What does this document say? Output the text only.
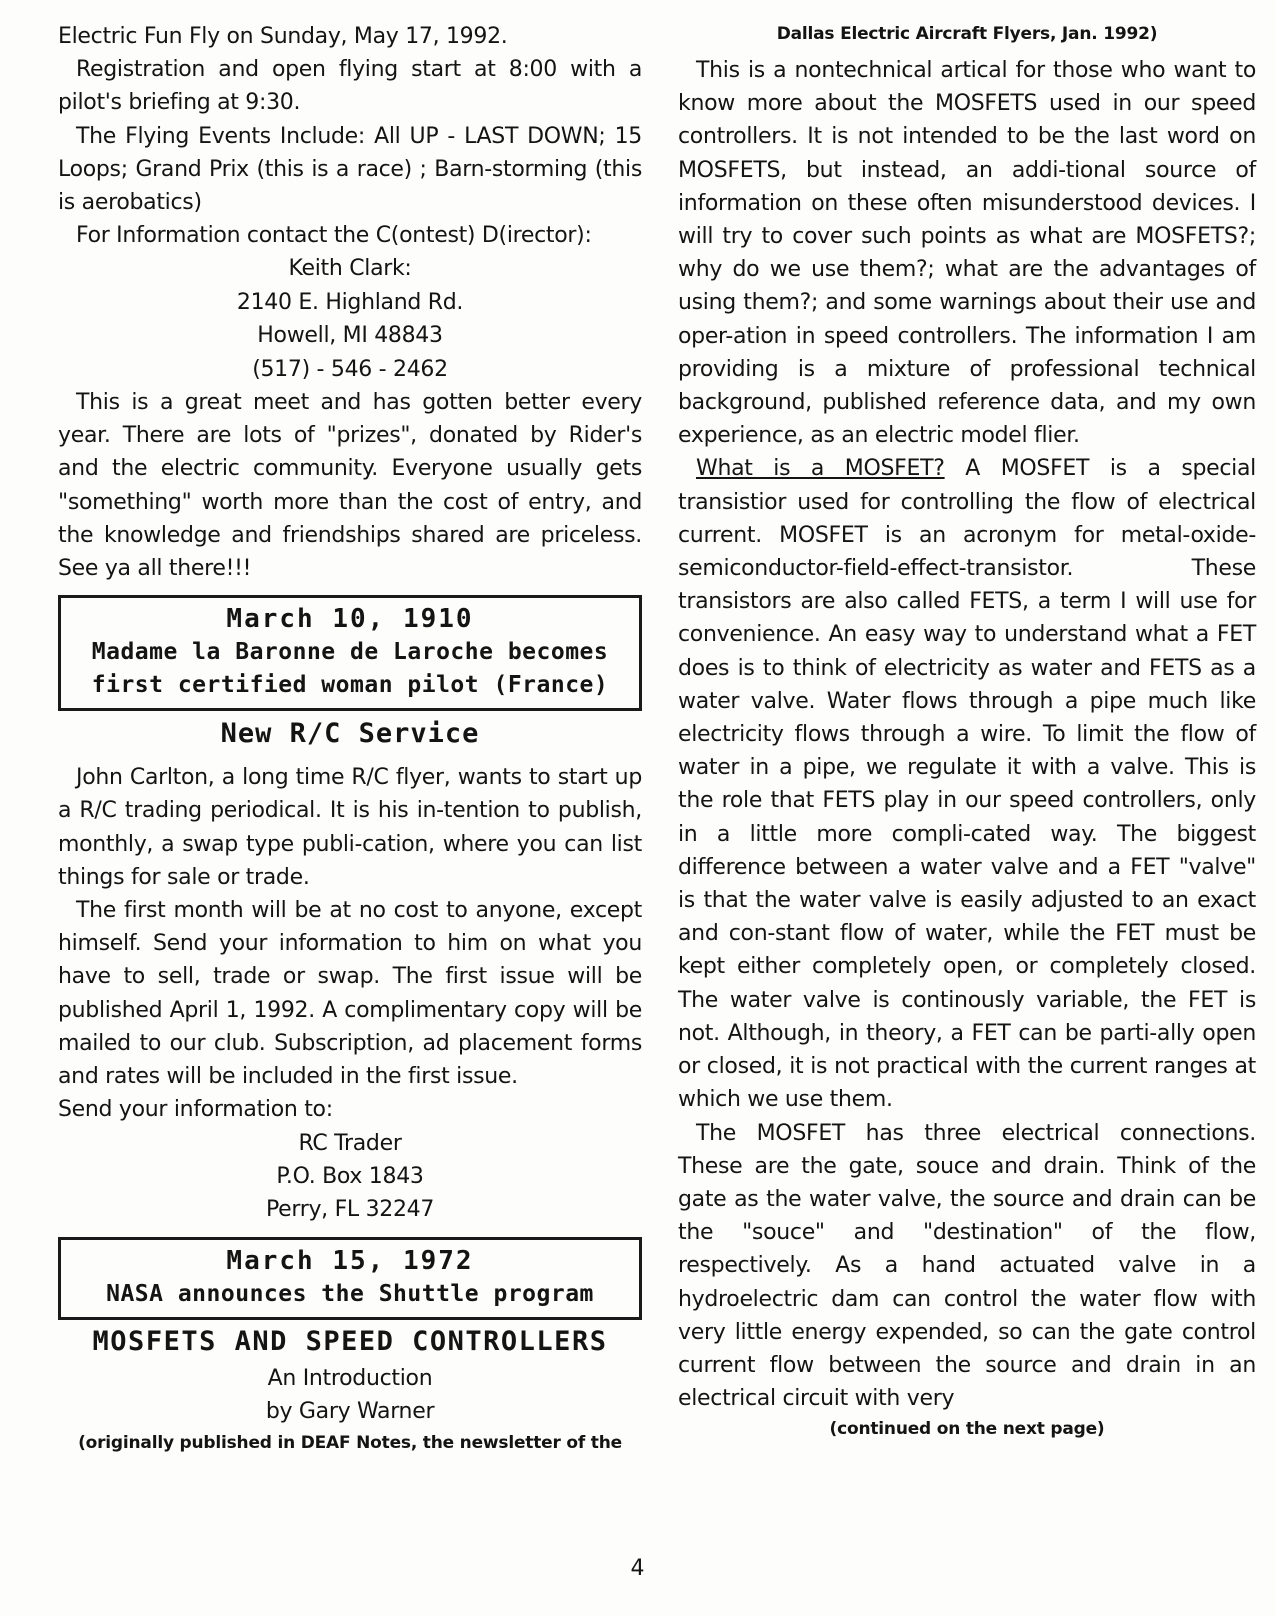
Electric Fun Fly on Sunday, May 17, 1992.

Registration and open flying start at 8:00 with a pilot's briefing at 9:30.

The Flying Events Include: All UP - LAST DOWN; 15 Loops; Grand Prix (this is a race) ; Barn-storming (this is aerobatics)

For Information contact the C(ontest) D(irector):

Keith Clark:

2140 E. Highland Rd.

Howell, MI 48843

(517) - 546 - 2462

This is a great meet and has gotten better every year. There are lots of "prizes", donated by Rider's and the electric community. Everyone usually gets "something" worth more than the cost of entry, and the knowledge and friendships shared are priceless. See ya all there!!!

March 10, 1910
Madame la Baronne de Laroche becomes
first certified woman pilot (France)
New R/C Service

John Carlton, a long time R/C flyer, wants to start up a R/C trading periodical. It is his in-tention to publish, monthly, a swap type publi-cation, where you can list things for sale or trade.

The first month will be at no cost to anyone, except himself. Send your information to him on what you have to sell, trade or swap. The first issue will be published April 1, 1992. A complimentary copy will be mailed to our club. Subscription, ad placement forms and rates will be included in the first issue.

Send your information to:

RC Trader

P.O. Box 1843

Perry, FL 32247

March 15, 1972
NASA announces the Shuttle program
MOSFETS AND SPEED CONTROLLERS

An Introduction

by Gary Warner

(originally published in DEAF Notes, the newsletter of the

Dallas Electric Aircraft Flyers, Jan. 1992)

This is a nontechnical artical for those who want to know more about the MOSFETS used in our speed controllers. It is not intended to be the last word on MOSFETS, but instead, an addi-tional source of information on these often misunderstood devices. I will try to cover such points as what are MOSFETS?; why do we use them?; what are the advantages of using them?; and some warnings about their use and oper-ation in speed controllers. The information I am providing is a mixture of professional technical background, published reference data, and my own experience, as an electric model flier.

What is a MOSFET? A MOSFET is a special transistior used for controlling the flow of electrical current. MOSFET is an acronym for metal-oxide-semiconductor-field-effect-transistor. These transistors are also called FETS, a term I will use for convenience. An easy way to understand what a FET does is to think of electricity as water and FETS as a water valve. Water flows through a pipe much like electricity flows through a wire. To limit the flow of water in a pipe, we regulate it with a valve. This is the role that FETS play in our speed controllers, only in a little more compli-cated way. The biggest difference between a water valve and a FET "valve" is that the water valve is easily adjusted to an exact and con-stant flow of water, while the FET must be kept either completely open, or completely closed. The water valve is continously variable, the FET is not. Although, in theory, a FET can be parti-ally open or closed, it is not practical with the current ranges at which we use them.

The MOSFET has three electrical connections. These are the gate, souce and drain. Think of the gate as the water valve, the source and drain can be the "souce" and "destination" of the flow, respectively. As a hand actuated valve in a hydroelectric dam can control the water flow with very little energy expended, so can the gate control current flow between the source and drain in an electrical circuit with very

(continued on the next page)

4
